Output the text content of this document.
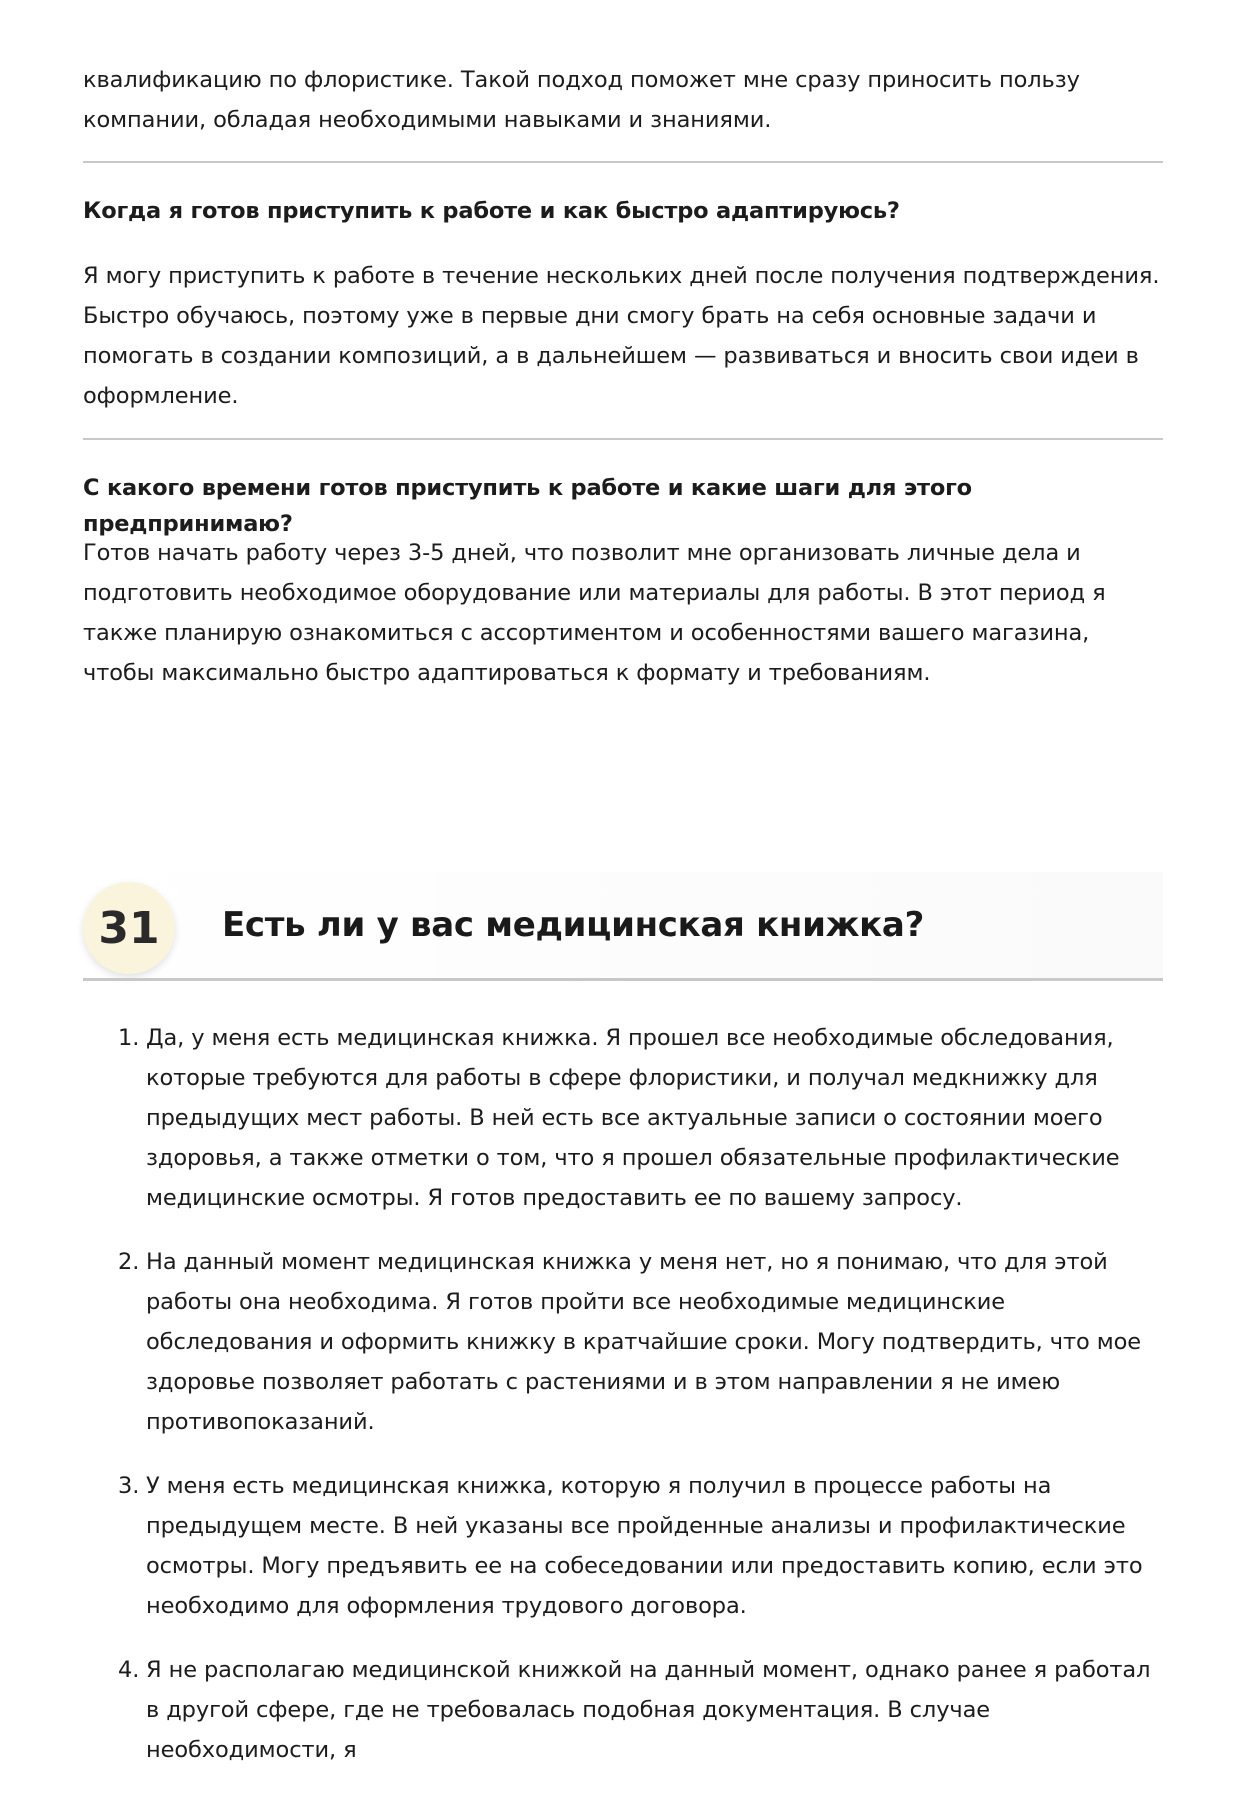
квалификацию по флористике. Такой подход поможет мне сразу приносить пользу компании, обладая необходимыми навыками и знаниями.

Когда я готов приступить к работе и как быстро адаптируюсь?

Я могу приступить к работе в течение нескольких дней после получения подтверждения. Быстро обучаюсь, поэтому уже в первые дни смогу брать на себя основные задачи и помогать в создании композиций, а в дальнейшем — развиваться и вносить свои идеи в оформление.

С какого времени готов приступить к работе и какие шаги для этого предпринимаю?

Готов начать работу через 3-5 дней, что позволит мне организовать личные дела и подготовить необходимое оборудование или материалы для работы. В этот период я также планирую ознакомиться с ассортиментом и особенностями вашего магазина, чтобы максимально быстро адаптироваться к формату и требованиям.

31	Есть ли у вас медицинская книжка?
1. Да, у меня есть медицинская книжка. Я прошел все необходимые обследования, которые требуются для работы в сфере флористики, и получал медкнижку для предыдущих мест работы. В ней есть все актуальные записи о состоянии моего здоровья, а также отметки о том, что я прошел обязательные профилактические медицинские осмотры. Я готов предоставить ее по вашему запросу.
2. На данный момент медицинская книжка у меня нет, но я понимаю, что для этой работы она необходима. Я готов пройти все необходимые медицинские обследования и оформить книжку в кратчайшие сроки. Могу подтвердить, что мое здоровье позволяет работать с растениями и в этом направлении я не имею противопоказаний.
3. У меня есть медицинская книжка, которую я получил в процессе работы на предыдущем месте. В ней указаны все пройденные анализы и профилактические осмотры. Могу предъявить ее на собеседовании или предоставить копию, если это необходимо для оформления трудового договора.
4. Я не располагаю медицинской книжкой на данный момент, однако ранее я работал в другой сфере, где не требовалась подобная документация. В случае необходимости, я
